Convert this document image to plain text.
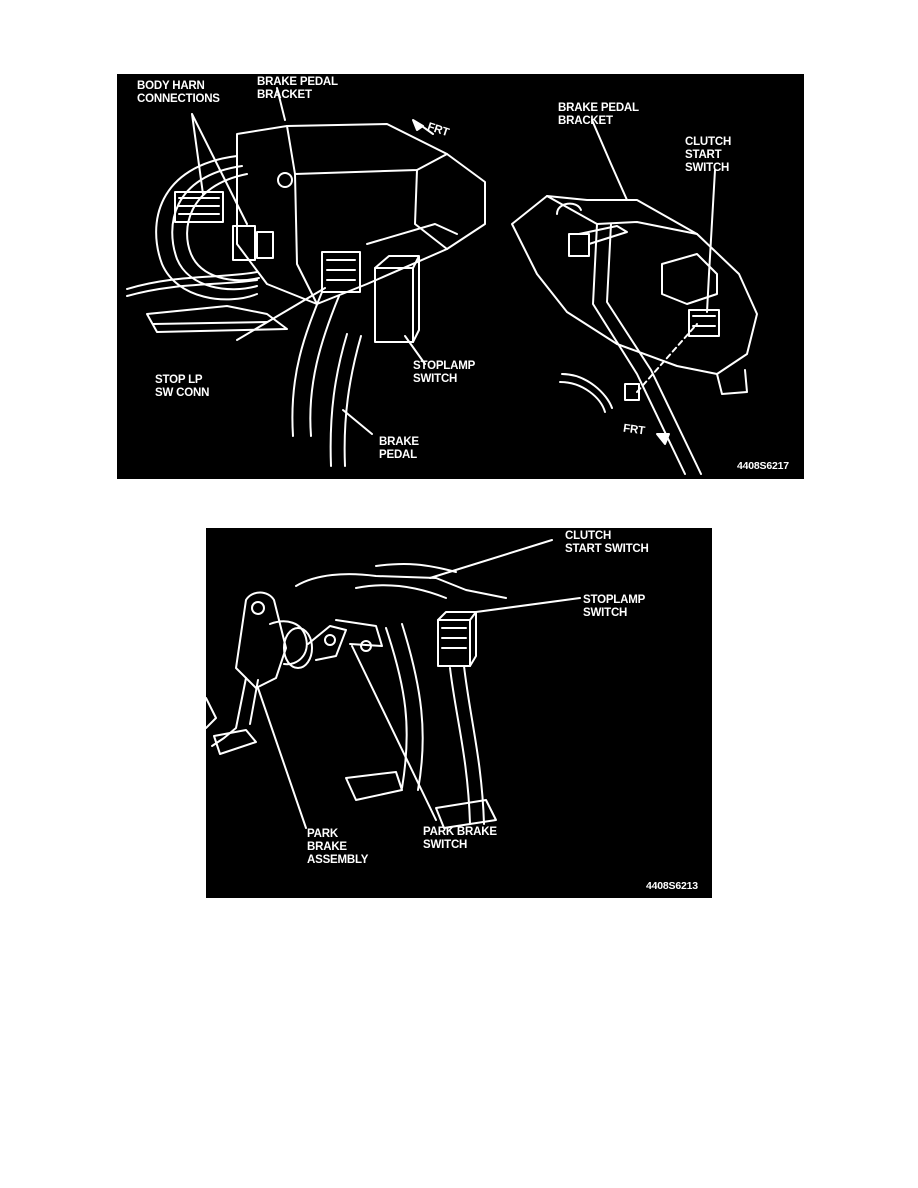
BODY HARN
CONNECTIONS
BRAKE PEDAL
BRACKET
FRT
BRAKE PEDAL
BRACKET
CLUTCH
START
SWITCH
STOP LP
SW CONN
STOPLAMP
SWITCH
BRAKE
PEDAL
FRT
4408S6217
CLUTCH
START SWITCH
STOPLAMP
SWITCH
PARK
BRAKE
ASSEMBLY
PARK BRAKE
SWITCH
4408S6213
